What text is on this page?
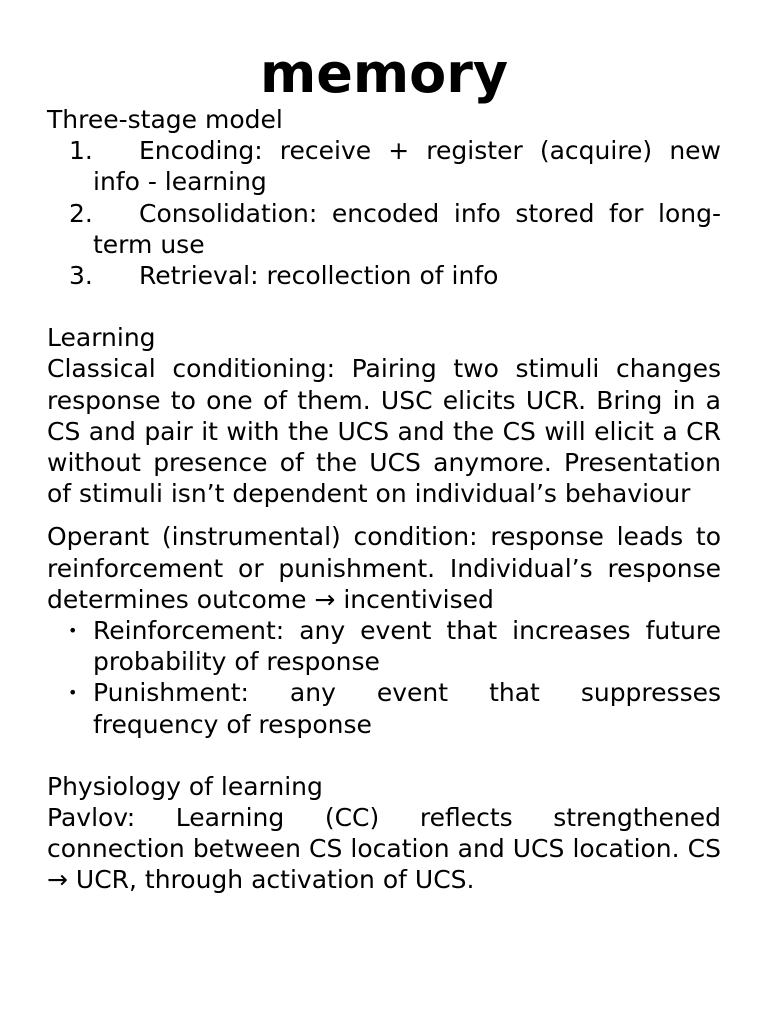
memory

Three-stage model

1. Encoding: receive + register (acquire) new info - learning
2. Consolidation: encoded info stored for long-term use
3. Retrieval: recollection of info

Learning

Classical conditioning: Pairing two stimuli changes response to one of them. USC elicits UCR. Bring in a CS and pair it with the UCS and the CS will elicit a CR without presence of the UCS anymore. Presentation of stimuli isn’t dependent on individual’s behaviour

Operant (instrumental) condition: response leads to reinforcement or punishment. Individual’s response determines outcome → incentivised

• Reinforcement: any event that increases future probability of response
• Punishment: any event that suppresses frequency of response

Physiology of learning

Pavlov: Learning (CC) reflects strengthened connection between CS location and UCS location. CS → UCR, through activation of UCS.
